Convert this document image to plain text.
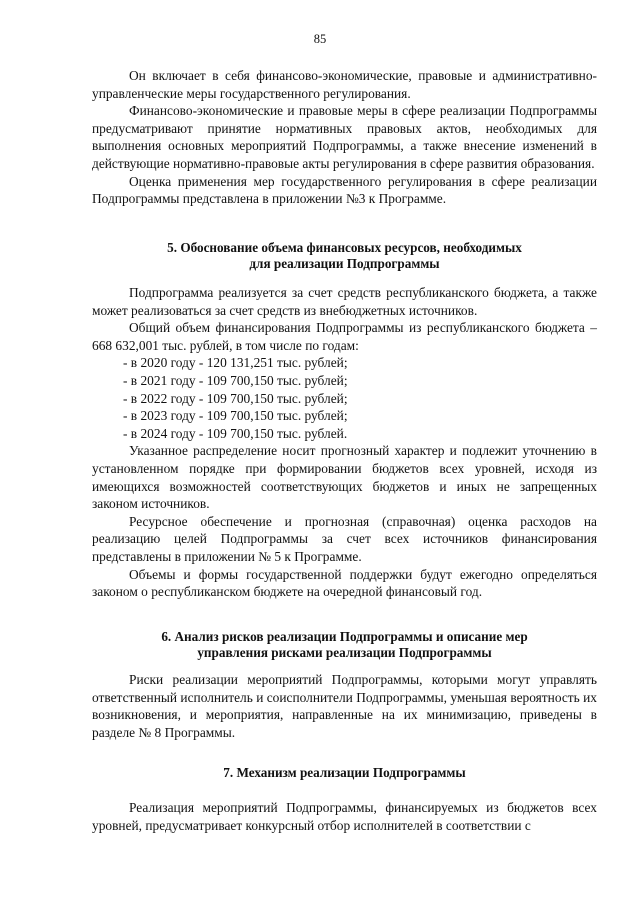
85

Он включает в себя финансово-экономические, правовые и административно-управленческие меры государственного регулирования.

Финансово-экономические и правовые меры в сфере реализации Подпрограммы предусматривают принятие нормативных правовых актов, необходимых для выполнения основных мероприятий Подпрограммы, а также внесение изменений в действующие нормативно-правовые акты регулирования в сфере развития образования.

Оценка применения мер государственного регулирования в сфере реализации Подпрограммы представлена в приложении №3 к Программе.

5. Обоснование объема финансовых ресурсов, необходимых

для реализации Подпрограммы

Подпрограмма реализуется за счет средств республиканского бюджета, а также может реализоваться за счет средств из внебюджетных источников.

Общий объем финансирования Подпрограммы из республиканского бюджета – 668 632,001 тыс. рублей, в том числе по годам:

- в 2020 году - 120 131,251 тыс. рублей;

- в 2021 году - 109 700,150 тыс. рублей;

- в 2022 году - 109 700,150 тыс. рублей;

- в 2023 году - 109 700,150 тыс. рублей;

- в 2024 году - 109 700,150 тыс. рублей.

Указанное распределение носит прогнозный характер и подлежит уточнению в установленном порядке при формировании бюджетов всех уровней, исходя из имеющихся возможностей соответствующих бюджетов и иных не запрещенных законом источников.

Ресурсное обеспечение и прогнозная (справочная) оценка расходов на реализацию целей Подпрограммы за счет всех источников финансирования представлены в приложении № 5 к Программе.

Объемы и формы государственной поддержки будут ежегодно определяться законом о республиканском бюджете на очередной финансовый год.

6. Анализ рисков реализации Подпрограммы и описание мер

управления рисками реализации Подпрограммы

Риски реализации мероприятий Подпрограммы, которыми могут управлять ответственный исполнитель и соисполнители Подпрограммы, уменьшая вероятность их возникновения, и мероприятия, направленные на их минимизацию, приведены в разделе № 8 Программы.

7. Механизм реализации Подпрограммы

Реализация мероприятий Подпрограммы, финансируемых из бюджетов всех уровней, предусматривает конкурсный отбор исполнителей в соответствии с
